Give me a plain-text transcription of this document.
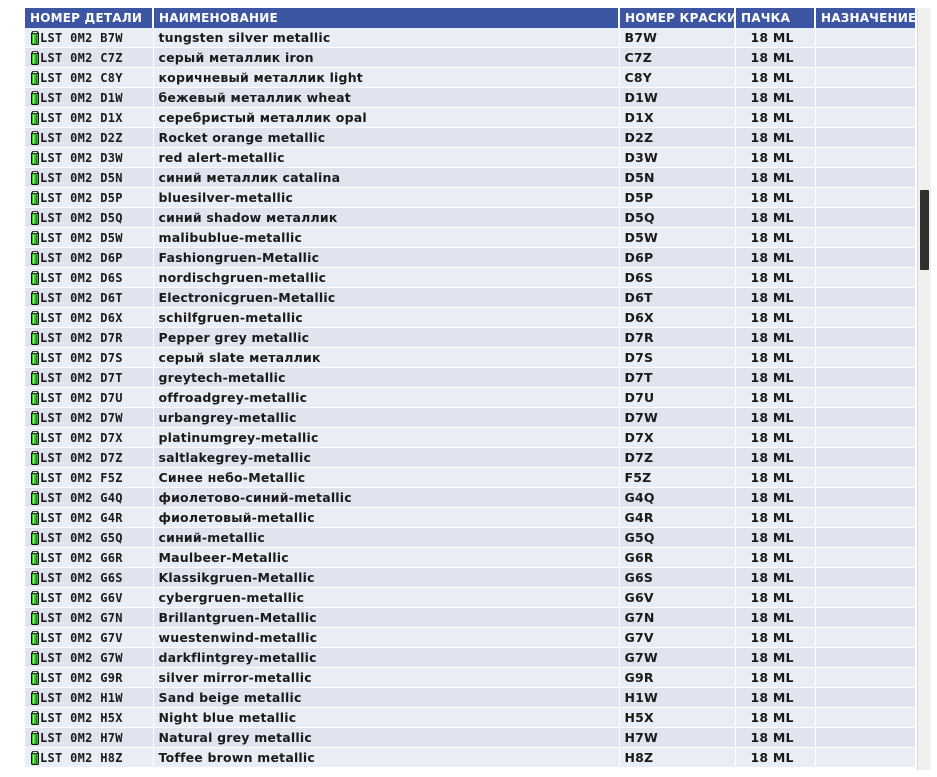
НОМЕР ДЕТАЛИ	НАИМЕНОВАНИЕ	НОМЕР КРАСКИ	ПАЧКА	НАЗНАЧЕНИЕ
LST 0M2 B7W	tungsten silver metallic	B7W	18 ML	
LST 0M2 C7Z	серый металлик iron	C7Z	18 ML	
LST 0M2 C8Y	коричневый металлик light	C8Y	18 ML	
LST 0M2 D1W	бежевый металлик wheat	D1W	18 ML	
LST 0M2 D1X	серебристый металлик opal	D1X	18 ML	
LST 0M2 D2Z	Rocket orange metallic	D2Z	18 ML	
LST 0M2 D3W	red alert-metallic	D3W	18 ML	
LST 0M2 D5N	синий металлик catalina	D5N	18 ML	
LST 0M2 D5P	bluesilver-metallic	D5P	18 ML	
LST 0M2 D5Q	синий shadow металлик	D5Q	18 ML	
LST 0M2 D5W	malibublue-metallic	D5W	18 ML	
LST 0M2 D6P	Fashiongruen-Metallic	D6P	18 ML	
LST 0M2 D6S	nordischgruen-metallic	D6S	18 ML	
LST 0M2 D6T	Electronicgruen-Metallic	D6T	18 ML	
LST 0M2 D6X	schilfgruen-metallic	D6X	18 ML	
LST 0M2 D7R	Pepper grey metallic	D7R	18 ML	
LST 0M2 D7S	серый slate металлик	D7S	18 ML	
LST 0M2 D7T	greytech-metallic	D7T	18 ML	
LST 0M2 D7U	offroadgrey-metallic	D7U	18 ML	
LST 0M2 D7W	urbangrey-metallic	D7W	18 ML	
LST 0M2 D7X	platinumgrey-metallic	D7X	18 ML	
LST 0M2 D7Z	saltlakegrey-metallic	D7Z	18 ML	
LST 0M2 F5Z	Синее небо-Metallic	F5Z	18 ML	
LST 0M2 G4Q	фиолетово-синий-metallic	G4Q	18 ML	
LST 0M2 G4R	фиолетовый-metallic	G4R	18 ML	
LST 0M2 G5Q	синий-metallic	G5Q	18 ML	
LST 0M2 G6R	Maulbeer-Metallic	G6R	18 ML	
LST 0M2 G6S	Klassikgruen-Metallic	G6S	18 ML	
LST 0M2 G6V	cybergruen-metallic	G6V	18 ML	
LST 0M2 G7N	Brillantgruen-Metallic	G7N	18 ML	
LST 0M2 G7V	wuestenwind-metallic	G7V	18 ML	
LST 0M2 G7W	darkflintgrey-metallic	G7W	18 ML	
LST 0M2 G9R	silver mirror-metallic	G9R	18 ML	
LST 0M2 H1W	Sand beige metallic	H1W	18 ML	
LST 0M2 H5X	Night blue metallic	H5X	18 ML	
LST 0M2 H7W	Natural grey metallic	H7W	18 ML	
LST 0M2 H8Z	Toffee brown metallic	H8Z	18 ML	
